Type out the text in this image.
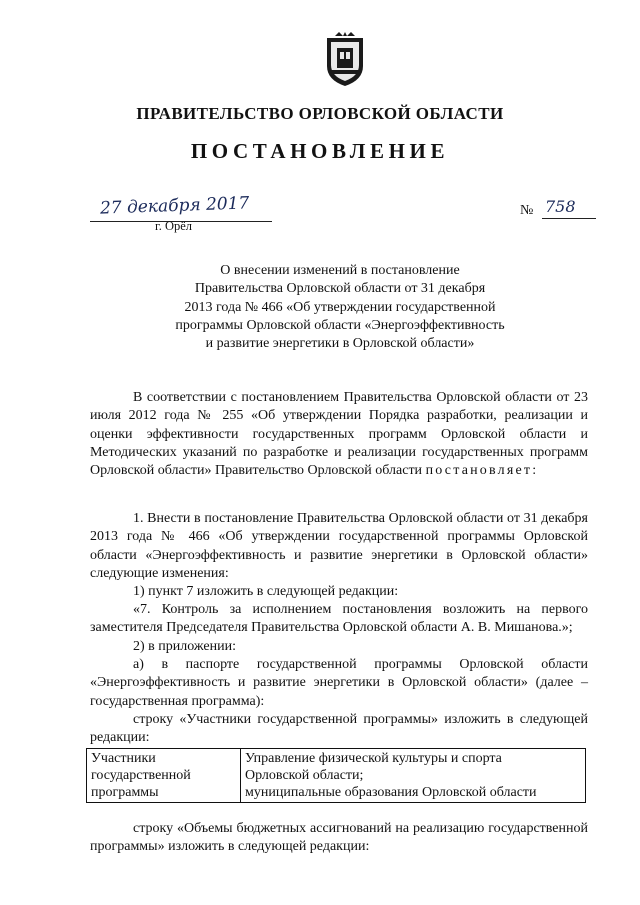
ПРАВИТЕЛЬСТВО ОРЛОВСКОЙ ОБЛАСТИ
ПОСТАНОВЛЕНИЕ
27 декабря 2017
г. Орёл
№ 758
О внесении изменений в постановление
Правительства Орловской области от 31 декабря
2013 года № 466 «Об утверждении государственной
программы Орловской области «Энергоэффективность
и развитие энергетики в Орловской области»
В соответствии с постановлением Правительства Орловской области от 23 июля 2012 года № 255 «Об утверждении Порядка разработки, реализации и оценки эффективности государственных программ Орловской области и Методических указаний по разработке и реализации государственных программ Орловской области» Правительство Орловской области постановляет:
1. Внести в постановление Правительства Орловской области от 31 декабря 2013 года № 466 «Об утверждении государственной программы Орловской области «Энергоэффективность и развитие энергетики в Орловской области» следующие изменения:
1) пункт 7 изложить в следующей редакции:
«7. Контроль за исполнением постановления возложить на первого заместителя Председателя Правительства Орловской области А. В. Мишанова.»;
2) в приложении:
а) в паспорте государственной программы Орловской области «Энергоэффективность и развитие энергетики в Орловской области» (далее – государственная программа):
строку «Участники государственной программы» изложить в следующей редакции:
Участники
государственной
программы

Управление физической культуры и спорта
Орловской области;
муниципальные образования Орловской области
строку «Объемы бюджетных ассигнований на реализацию государственной программы» изложить в следующей редакции:
